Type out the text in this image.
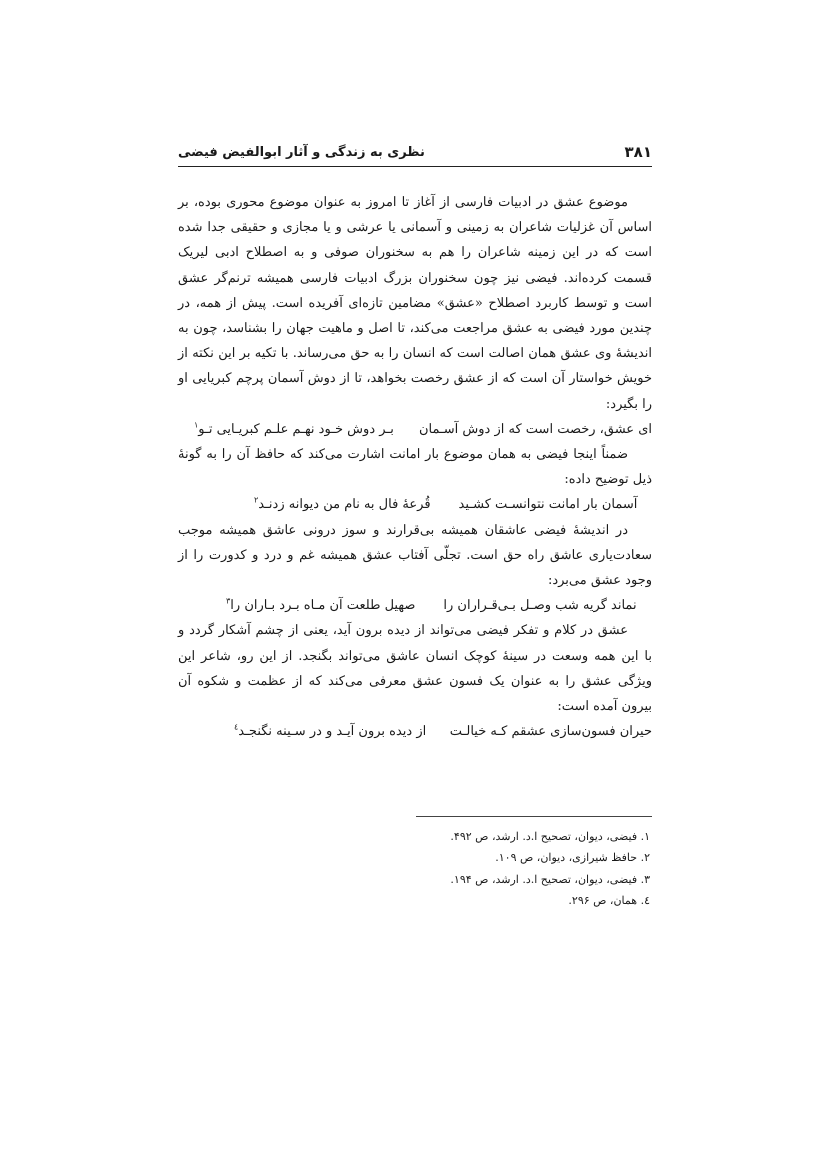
۳۸۱
نظری به زندگی و آثار ابوالفیض فیضی

موضوع عشق در ادبیات فارسی از آغاز تا امروز به عنوان موضوع محوری بوده، بر اساس آن غزلیات شاعران به زمینی و آسمانی یا عرشی و یا مجازی و حقیقی جدا شده است که در این زمینه شاعران را هم به سخنوران صوفی و به اصطلاح ادبی لیریک قسمت کرده‌اند. فیضی نیز چون سخنوران بزرگ ادبیات فارسی همیشه ترنم‌گر عشق است و توسط کاربرد اصطلاح «عشق» مضامین تازه‌ای آفریده است. پیش از همه، در چندین مورد فیضی به عشق مراجعت می‌کند، تا اصل و ماهیت جهان را بشناسد، چون به اندیشهٔ وی عشق همان اصالت است که انسان را به حق می‌رساند. با تکیه بر این نکته از خویش خواستار آن است که از عشق رخصت بخواهد، تا از دوش آسمان پرچم کبریایی او را بگیرد:

ای عشق، رخصت است که از دوش آسـمان
بـر دوش خـود نهـم علـم کبریـایی تـو$^۱$

ضمناً اینجا فیضی به همان موضوع بار امانت اشارت می‌کند که حافظ آن را به گونهٔ ذیل توضیح داده:

آسمان بار امانت نتوانسـت کشـید
قُرعهٔ فال به نام من دیوانه زدنـد$^۲$

در اندیشهٔ فیضی عاشقان همیشه بی‌قرارند و سوز درونی عاشق همیشه موجب سعادت‌یاری عاشق راه حق است. تجلّی آفتاب عشق همیشه غم و درد و کدورت را از وجود عشق می‌برد:

نماند گریه شب وصـل بـی‌قـراران را
صهیل طلعت آن مـاه بـرد بـاران را$^۳$

عشق در کلام و تفکر فیضی می‌تواند از دیده برون آید، یعنی از چشم آشکار گردد و با این همه وسعت در سینهٔ کوچک انسان عاشق می‌تواند بگنجد. از این رو، شاعر این ویژگی عشق را به عنوان یک فسون عشق معرفی می‌کند که از عظمت و شکوه آن بیرون آمده است:

حیران فسون‌سازی عشقم کـه خیالـت
از دیده برون آیـد و در سـینه نگنجـد$^٤$
۱. فیضی، دیوان، تصحیح ا.د. ارشد، ص ۴۹۲.
۲. حافظ شیرازی، دیوان، ص ۱۰۹.
۳. فیضی، دیوان، تصحیح ا.د. ارشد، ص ۱۹۴.
٤. همان، ص ۲۹۶.
